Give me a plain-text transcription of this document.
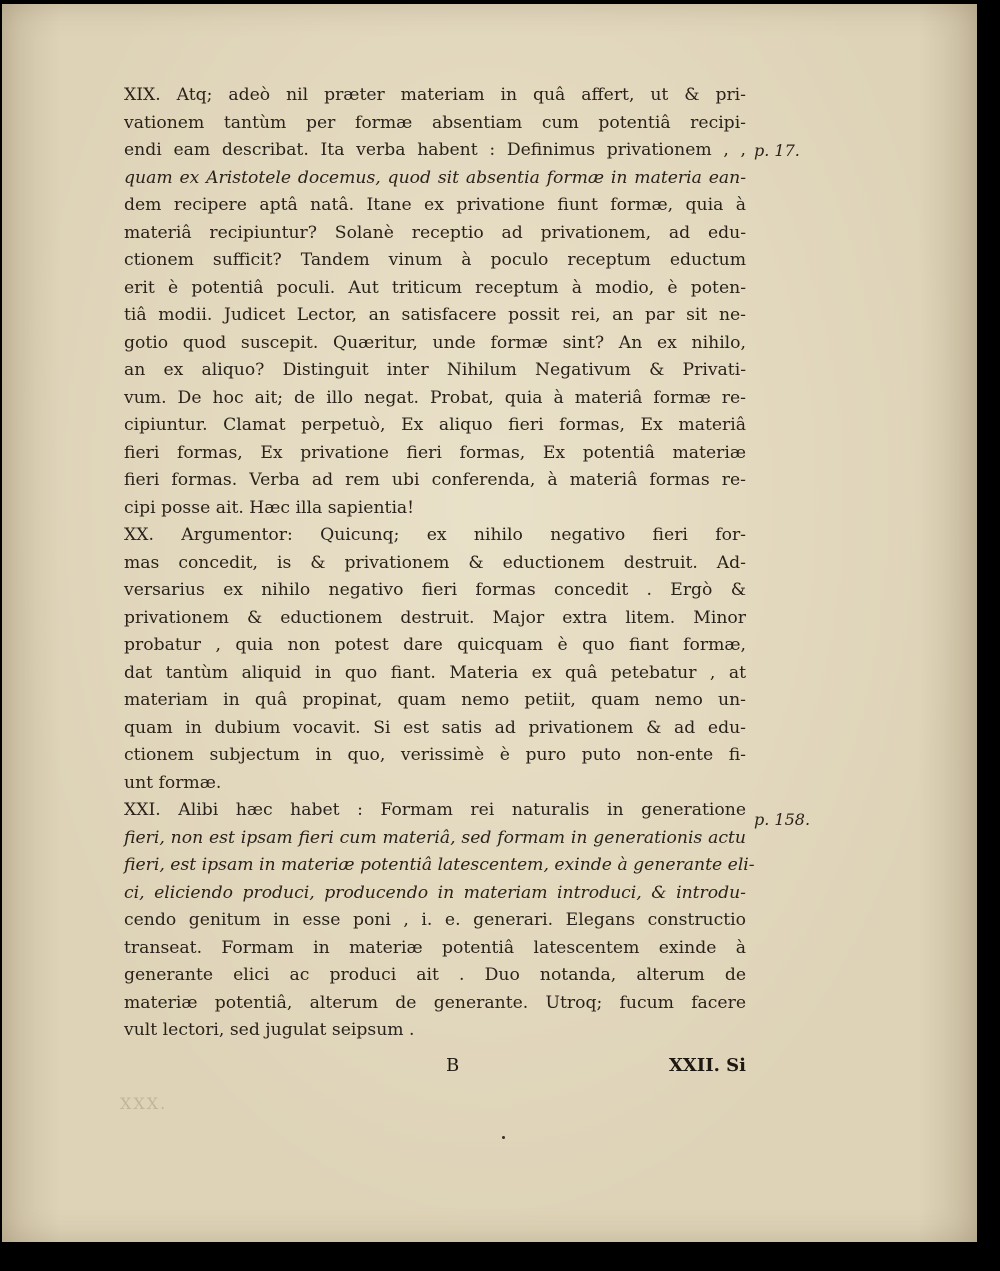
XIX. Atq; adeò nil præter materiam in quâ affert, ut & pri-
vationem tantùm per formæ absentiam cum potentiâ recipi-
endi eam describat. Ita verba habent : Definimus privationem , ,
quam ex Aristotele docemus, quod sit absentia formæ in materia ean-
dem recipere aptâ natâ. Itane ex privatione fiunt formæ, quia à
materiâ recipiuntur? Solanè receptio ad privationem, ad edu-
ctionem sufficit? Tandem vinum à poculo receptum eductum
erit è potentiâ poculi. Aut triticum receptum à modio, è poten-
tiâ modii. Judicet Lector, an satisfacere possit rei, an par sit ne-
gotio quod suscepit. Quæritur, unde formæ sint? An ex nihilo,
an ex aliquo? Distinguit inter Nihilum Negativum & Privati-
vum. De hoc ait; de illo negat. Probat, quia à materiâ formæ re-
cipiuntur. Clamat perpetuò, Ex aliquo fieri formas, Ex materiâ
fieri formas, Ex privatione fieri formas, Ex potentiâ materiæ
fieri formas. Verba ad rem ubi conferenda, à materiâ formas re-
cipi posse ait. Hæc illa sapientia!
XX. Argumentor: Quicunq; ex nihilo negativo fieri for-
mas concedit, is & privationem & eductionem destruit. Ad-
versarius ex nihilo negativo fieri formas concedit . Ergò &
privationem & eductionem destruit. Major extra litem. Minor
probatur , quia non potest dare quicquam è quo fiant formæ,
dat tantùm aliquid in quo fiant. Materia ex quâ petebatur , at
materiam in quâ propinat, quam nemo petiit, quam nemo un-
quam in dubium vocavit. Si est satis ad privationem & ad edu-
ctionem subjectum in quo, verissimè è puro puto non-ente fi-
unt formæ.
XXI. Alibi hæc habet : Formam rei naturalis in generatione
fieri, non est ipsam fieri cum materiâ, sed formam in generationis actu
fieri, est ipsam in materiæ potentiâ latescentem, exinde à generante eli-
ci, eliciendo produci, producendo in materiam introduci, & introdu-
cendo genitum in esse poni , i. e. generari. Elegans constructio
transeat. Formam in materiæ potentiâ latescentem exinde à
generante elici ac produci ait . Duo notanda, alterum de
materiæ potentiâ, alterum de generante. Utroq; fucum facere
vult lectori, sed jugulat seipsum .
p. 17.
p. 158.
B	XXII. Si
XXX.
